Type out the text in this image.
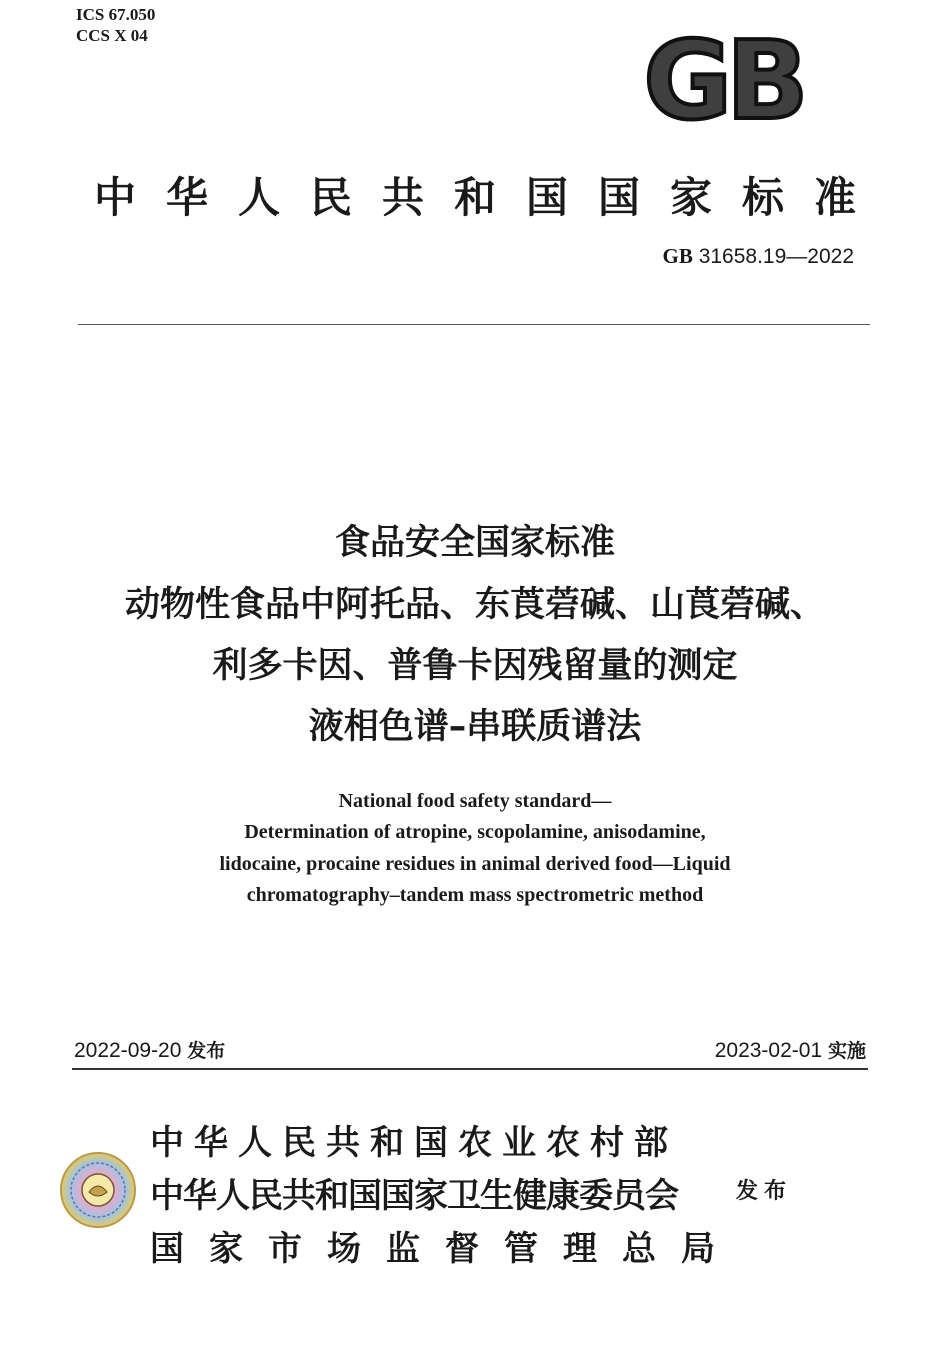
ICS 67.050
CCS X 04	GB
中华人民共和国国家标准
GB 31658.19—2022
食品安全国家标准
动物性食品中阿托品、东莨菪碱、山莨菪碱、
利多卡因、普鲁卡因残留量的测定
液相色谱–串联质谱法
National food safety standard—
Determination of atropine, scopolamine, anisodamine,
lidocaine, procaine residues in animal derived food—Liquid
chromatography–tandem mass spectrometric method
2022-09-20 发布	2023-02-01 实施
中华人民共和国农业农村部
中华人民共和国国家卫生健康委员会
国家市场监督管理总局
发布
